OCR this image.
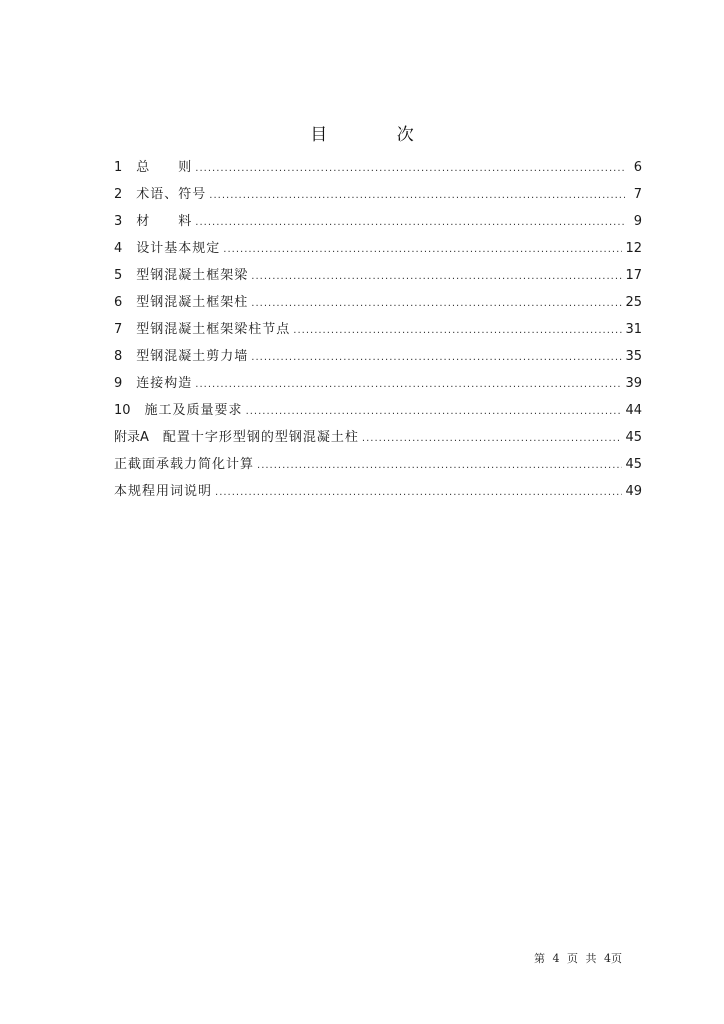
目 次
1 总　　则 .....	6
2 术语、符号 .....	7
3 材　　料 .....	9
4 设计基本规定 .....	12
5 型钢混凝土框架梁 .....	17
6 型钢混凝土框架柱 .....	25
7 型钢混凝土框架梁柱节点 .....	31
8 型钢混凝土剪力墙 .....	35
9 连接构造 .....	39
10 施工及质量要求 .....	44
附录A 配置十字形型钢的型钢混凝土柱 .....	45
正截面承载力简化计算 .....	45
本规程用词说明 .....	49
第 4 页 共 4页
